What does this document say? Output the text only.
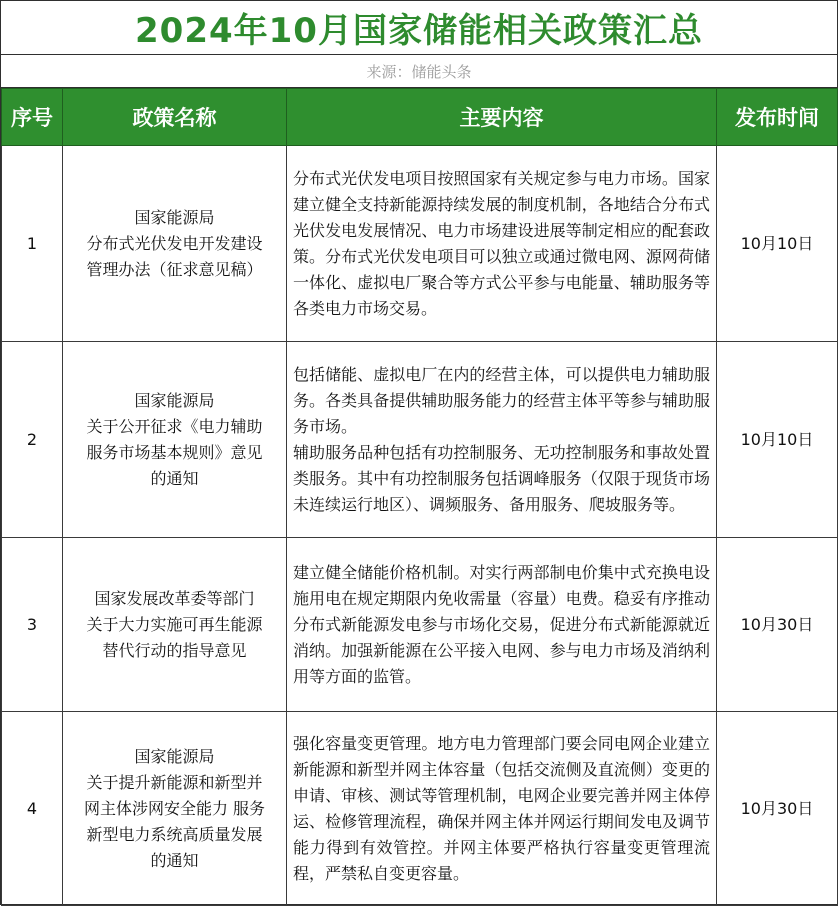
2024年10月国家储能相关政策汇总
来源：储能头条
序号	政策名称	主要内容	发布时间
1	国家能源局
分布式光伏发电开发建设
管理办法（征求意见稿）	分布式光伏发电项目按照国家有关规定参与电力市场。国家建立健全支持新能源持续发展的制度机制，各地结合分布式光伏发电发展情况、电力市场建设进展等制定相应的配套政策。分布式光伏发电项目可以独立或通过微电网、源网荷储一体化、虚拟电厂聚合等方式公平参与电能量、辅助服务等各类电力市场交易。	10月10日
2	国家能源局
关于公开征求《电力辅助
服务市场基本规则》意见
的通知	包括储能、虚拟电厂在内的经营主体，可以提供电力辅助服务。各类具备提供辅助服务能力的经营主体平等参与辅助服务市场。
辅助服务品种包括有功控制服务、无功控制服务和事故处置类服务。其中有功控制服务包括调峰服务（仅限于现货市场未连续运行地区）、调频服务、备用服务、爬坡服务等。	10月10日
3	国家发展改革委等部门
关于大力实施可再生能源
替代行动的指导意见	建立健全储能价格机制。对实行两部制电价集中式充换电设施用电在规定期限内免收需量（容量）电费。稳妥有序推动分布式新能源发电参与市场化交易，促进分布式新能源就近消纳。加强新能源在公平接入电网、参与电力市场及消纳利用等方面的监管。	10月30日
4	国家能源局
关于提升新能源和新型并
网主体涉网安全能力 服务
新型电力系统高质量发展
的通知	强化容量变更管理。地方电力管理部门要会同电网企业建立新能源和新型并网主体容量（包括交流侧及直流侧）变更的申请、审核、测试等管理机制，电网企业要完善并网主体停运、检修管理流程，确保并网主体并网运行期间发电及调节能力得到有效管控。并网主体要严格执行容量变更管理流程，严禁私自变更容量。	10月30日
